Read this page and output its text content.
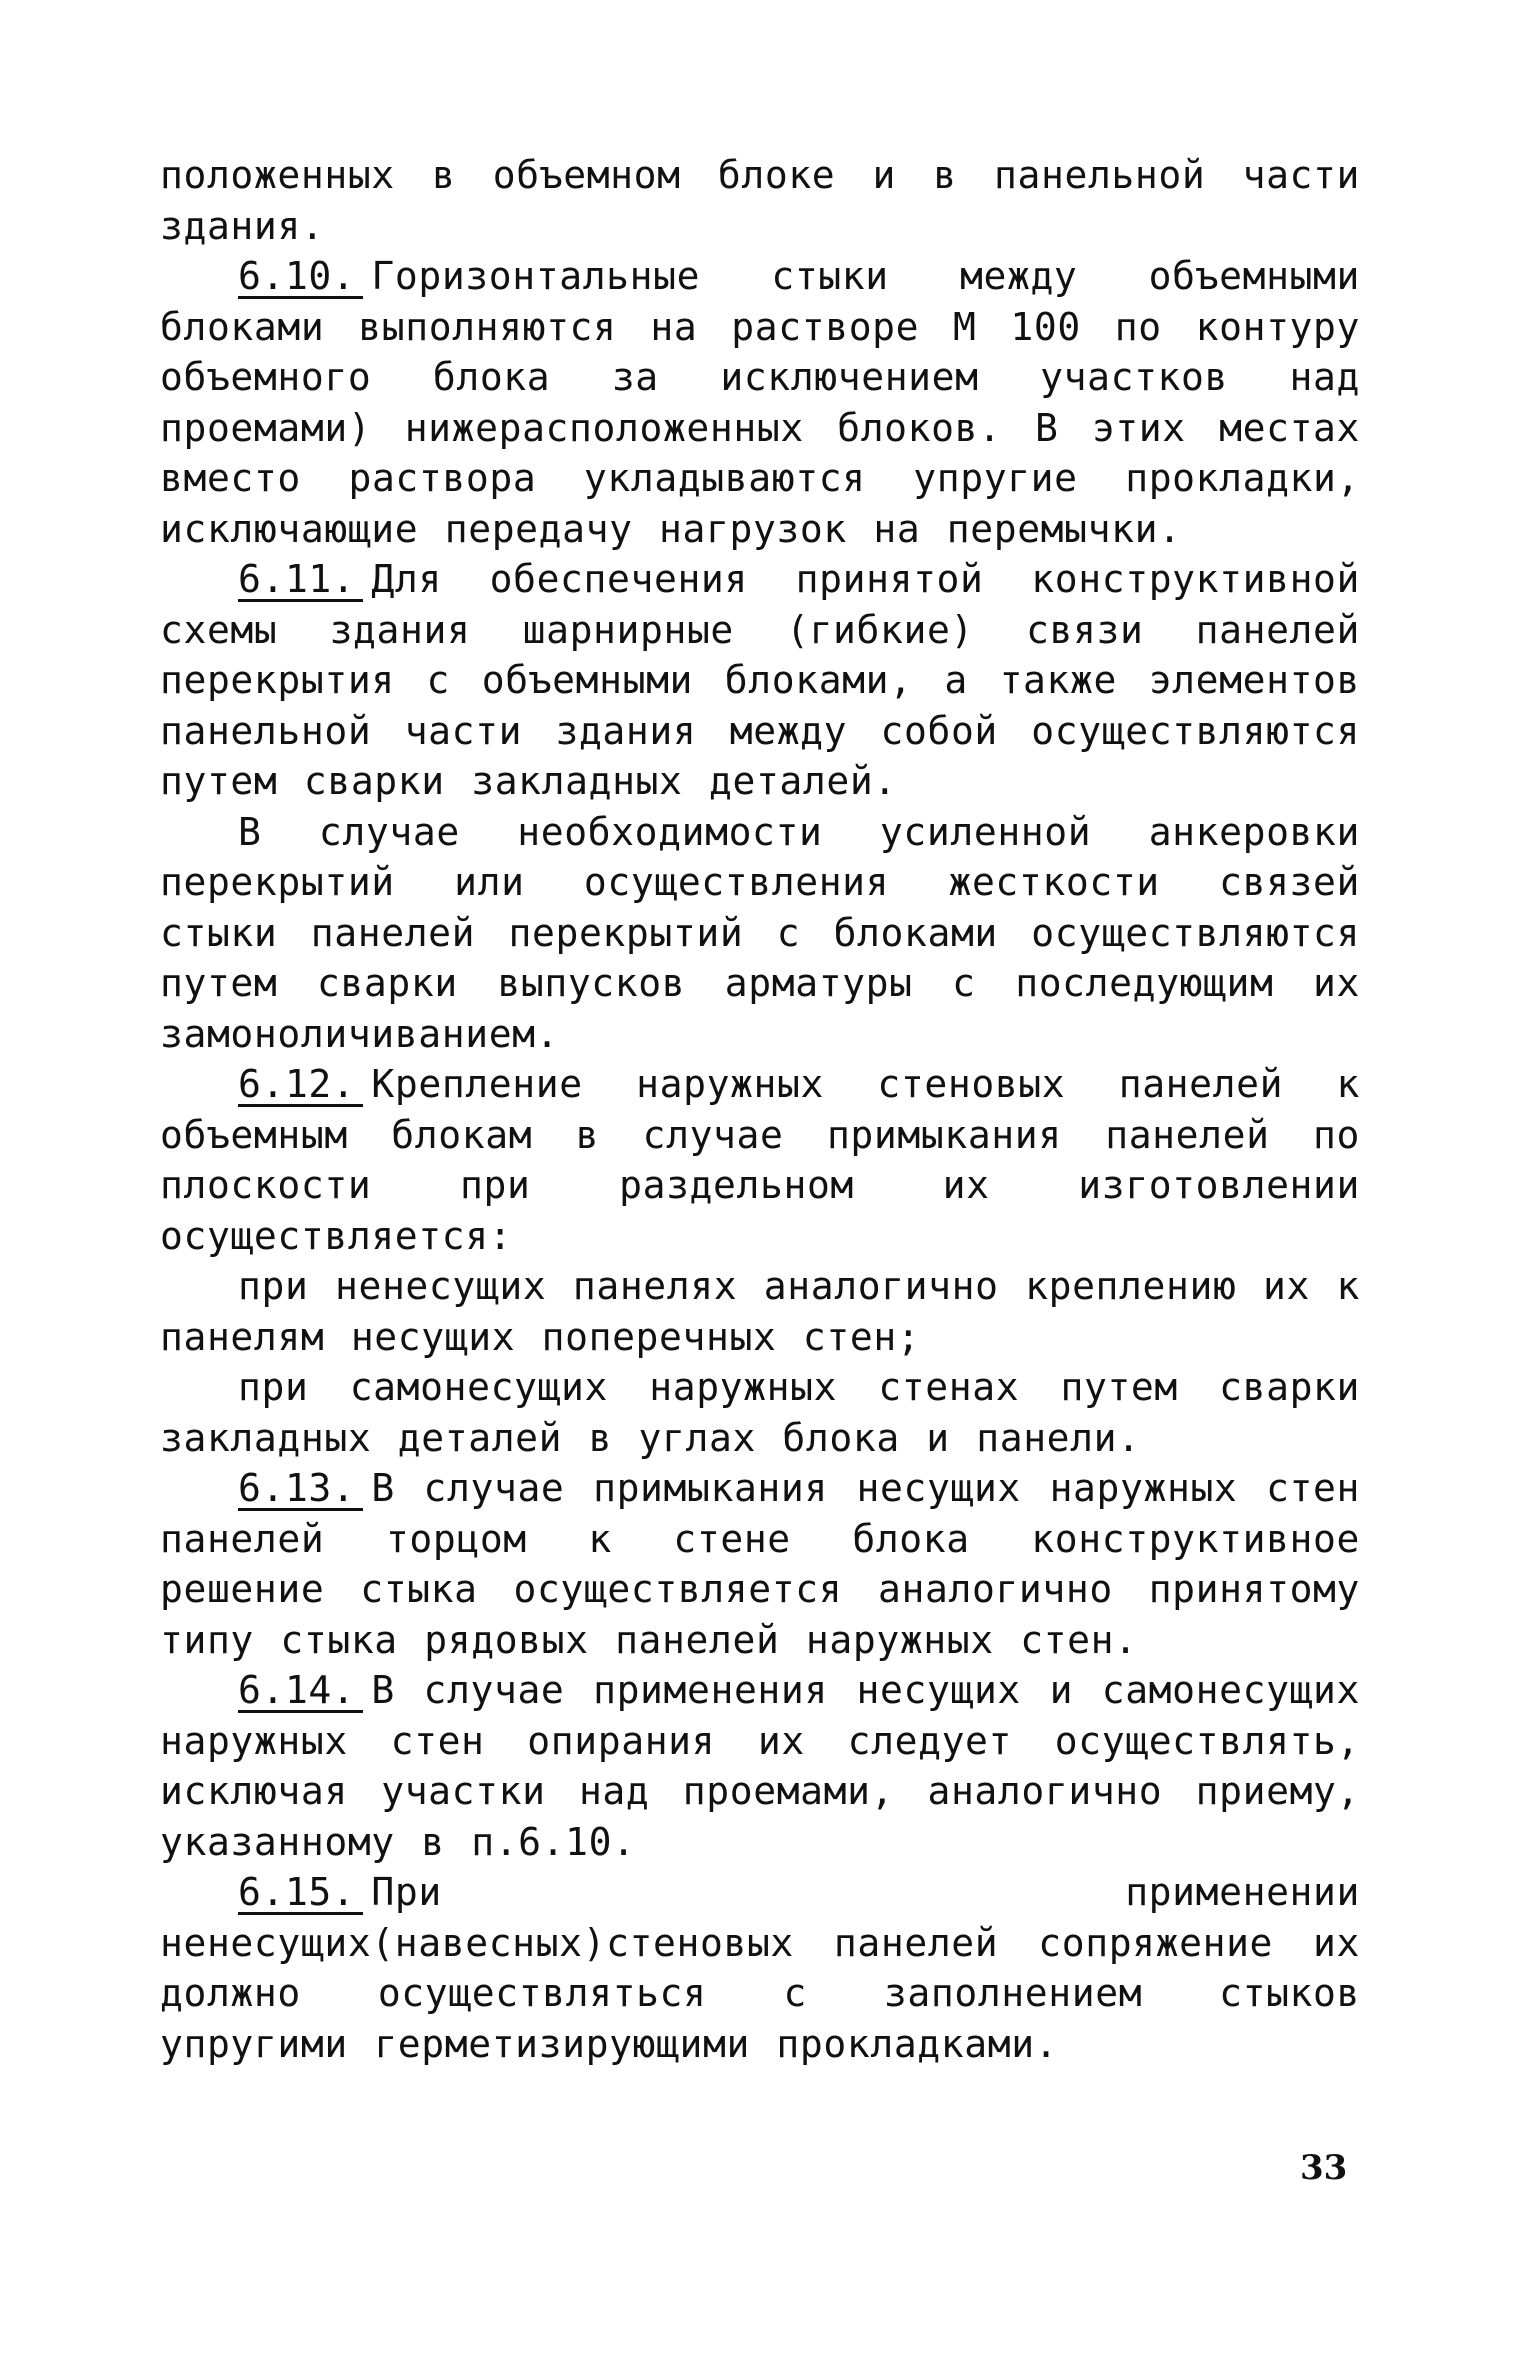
положенных в объемном блоке и в панельной части здания.

6.10. Горизонтальные стыки между объемными блоками выполняются на растворе М 100 по контуру объемного блока за исключением участков над проемами) нижерасположенных блоков. В этих местах вместо раствора укладываются упругие прокладки, исключающие передачу нагрузок на перемычки.

6.11. Для обеспечения принятой конструктивной схемы здания шарнирные (гибкие) связи панелей перекрытия с объемными блоками, а также элементов панельной части здания между собой осуществляются путем сварки закладных деталей.

В случае необходимости усиленной анкеровки перекрытий или осуществления жесткости связей стыки панелей перекрытий с блоками осуществляются путем сварки выпусков арматуры с последующим их замоноличиванием.

6.12. Крепление наружных стеновых панелей к объемным блокам в случае примыкания панелей по плоскости при раздельном их изготовлении осуществляется:

при ненесущих панелях аналогично креплению их к панелям несущих поперечных стен;

при самонесущих наружных стенах путем сварки закладных деталей в углах блока и панели.

6.13. В случае примыкания несущих наружных стен панелей торцом к стене блока конструктивное решение стыка осуществляется аналогично принятому типу стыка рядовых панелей наружных стен.

6.14. В случае применения несущих и самонесущих наружных стен опирания их следует осуществлять, исключая участки над проемами, аналогично приему, указанному в п.6.10.

6.15. При применении ненесущих(навесных)стеновых панелей сопряжение их должно осуществляться с заполнением стыков упругими герметизирующими прокладками.

33
